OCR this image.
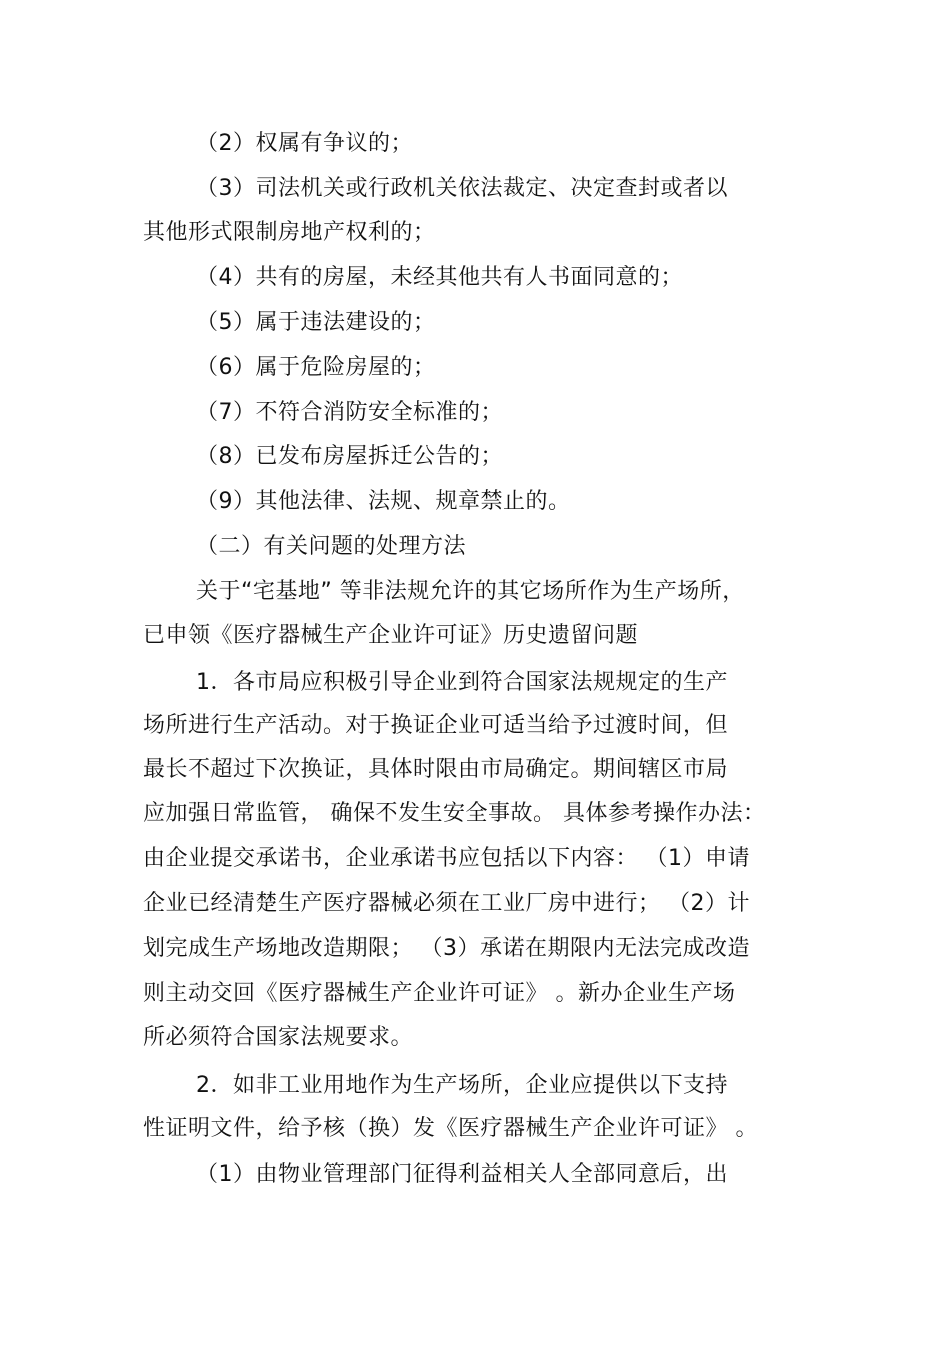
（2）权属有争议的；
（3）司法机关或行政机关依法裁定、决定查封或者以
其他形式限制房地产权利的；
（4）共有的房屋，未经其他共有人书面同意的；
（5）属于违法建设的；
（6）属于危险房屋的；
（7）不符合消防安全标准的；
（8）已发布房屋拆迁公告的；
（9）其他法律、法规、规章禁止的。
（二）有关问题的处理方法
关于“宅基地” 等非法规允许的其它场所作为生产场所，
已申领《医疗器械生产企业许可证》历史遗留问题
1．各市局应积极引导企业到符合国家法规规定的生产
场所进行生产活动。对于换证企业可适当给予过渡时间，但
最长不超过下次换证，具体时限由市局确定。期间辖区市局
应加强日常监管， 确保不发生安全事故。 具体参考操作办法：
由企业提交承诺书，企业承诺书应包括以下内容： （1）申请
企业已经清楚生产医疗器械必须在工业厂房中进行； （2）计
划完成生产场地改造期限； （3）承诺在期限内无法完成改造
则主动交回《医疗器械生产企业许可证》 。新办企业生产场
所必须符合国家法规要求。
2．如非工业用地作为生产场所，企业应提供以下支持
性证明文件，给予核（换）发《医疗器械生产企业许可证》 。
（1）由物业管理部门征得利益相关人全部同意后，出
